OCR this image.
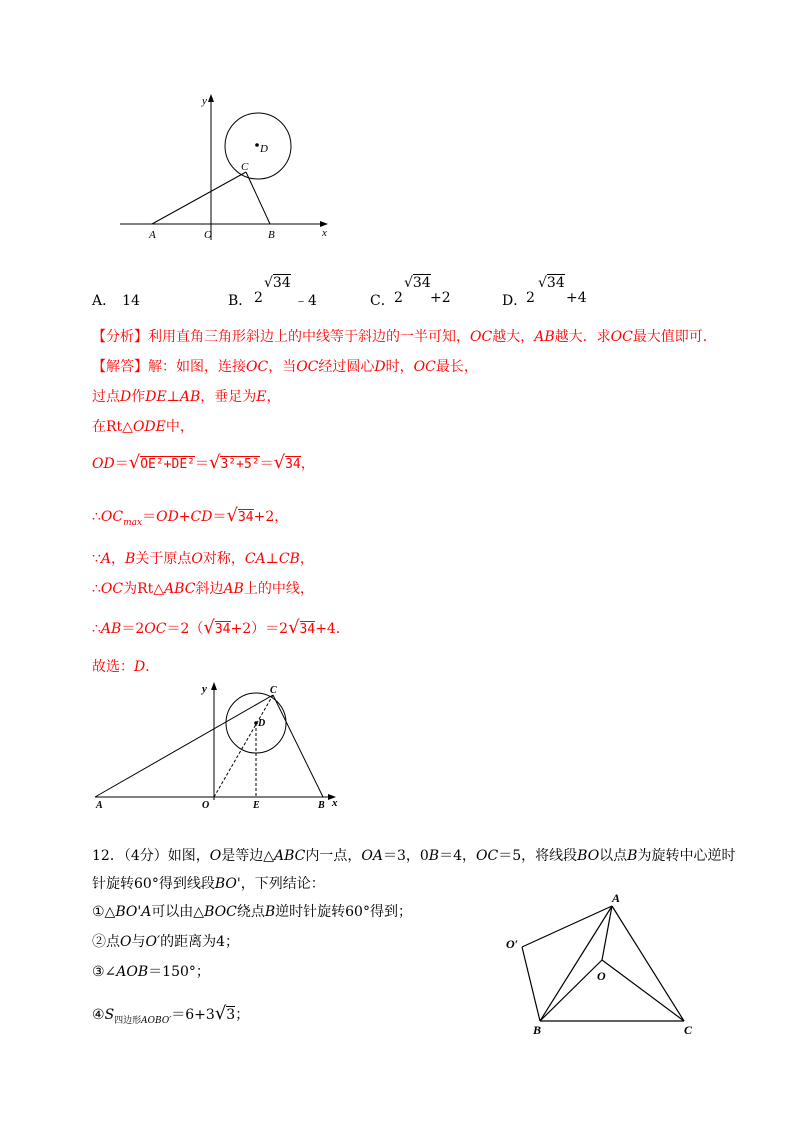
y
x
A	O	B
C
D
A． 14	B． 2
√34
﹣4	C． 2
√34
+2	D．
2
√34
+4
【分析】利用直角三角形斜边上的中线等于斜边的一半可知，OC越大，AB越大．求OC最大值即可．
【解答】解：如图，连接OC，当OC经过圆心D时，OC最长，
过点D作DE⊥AB，垂足为E，
在Rt△ODE中，
OD＝√OE²+DE²＝√3²+5²＝√34，
$\therefore OC_{max}=OD+CD=√34+2$，
∵A，B关于原点O对称，CA⊥CB，
∴OC为Rt△ABC斜边AB上的中线，
∴AB＝2OC＝2（√34+2）＝2√34+4．
故选：D．
y
x
A	O	E	B
C
D
12．（4分）如图，O是等边△ABC内一点，OA＝3，0B＝4，OC＝5，将线段BO以点B为旋转中心逆时
针旋转60°得到线段BO'，下列结论：
①△BO'A可以由△BOC绕点B逆时针旋转60°得到；
②点O与O′的距离为4；
③∠AOB＝150°；
$④S_{四边形AOBO'}=6+3√3$；
A
O′
O
B	C
